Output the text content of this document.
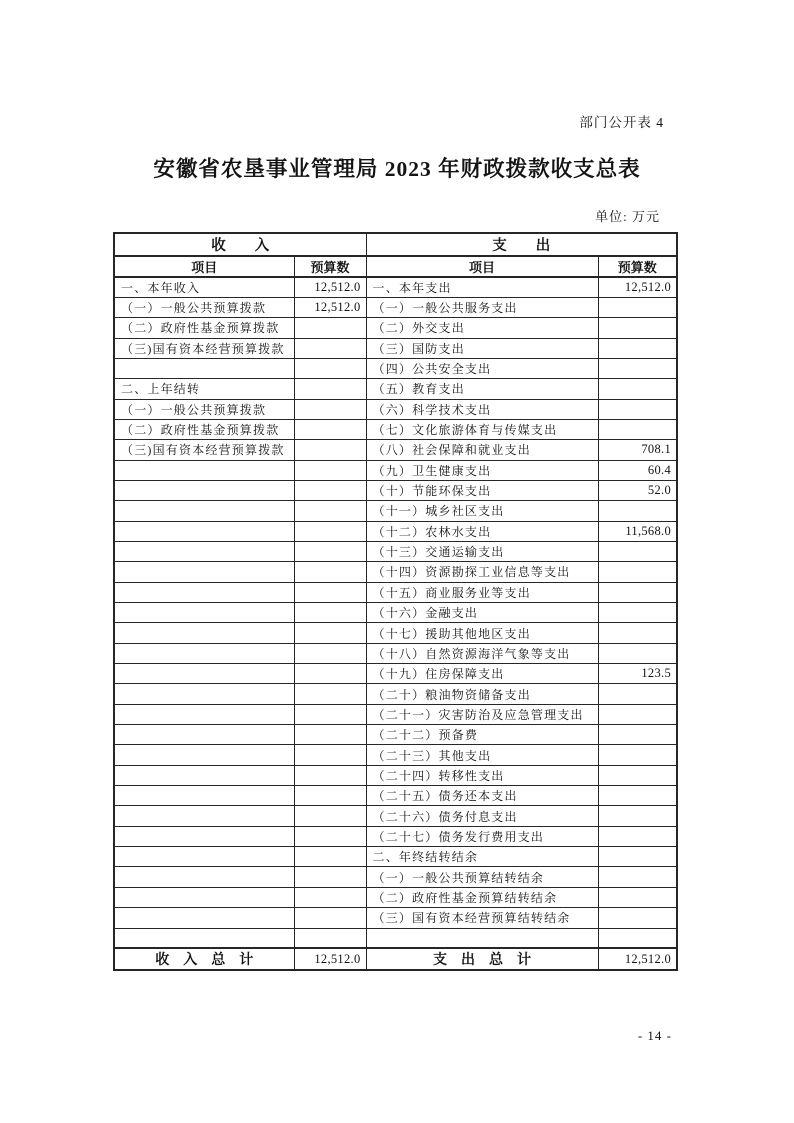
部门公开表 4
安徽省农垦事业管理局 2023 年财政拨款收支总表
单位: 万元
收　　入		支　　出	
项目	预算数	项目	预算数
一、本年收入	12,512.0	一、本年支出	12,512.0
（一）一般公共预算拨款	12,512.0	（一）一般公共服务支出	
（二）政府性基金预算拨款		（二）外交支出	
（三)国有资本经营预算拨款		（三）国防支出	
		（四）公共安全支出	
二、上年结转		（五）教育支出	
（一）一般公共预算拨款		（六）科学技术支出	
（二）政府性基金预算拨款		（七）文化旅游体育与传媒支出	
（三)国有资本经营预算拨款		（八）社会保障和就业支出	708.1
		（九）卫生健康支出	60.4
		（十）节能环保支出	52.0
		（十一）城乡社区支出	
		（十二）农林水支出	11,568.0
		（十三）交通运输支出	
		（十四）资源勘探工业信息等支出	
		（十五）商业服务业等支出	
		（十六）金融支出	
		（十七）援助其他地区支出	
		（十八）自然资源海洋气象等支出	
		（十九）住房保障支出	123.5
		（二十）粮油物资储备支出	
		（二十一）灾害防治及应急管理支出	
		（二十二）预备费	
		（二十三）其他支出	
		（二十四）转移性支出	
		（二十五）债务还本支出	
		（二十六）债务付息支出	
		（二十七）债务发行费用支出	
		二、年终结转结余	
		（一）一般公共预算结转结余	
		（二）政府性基金预算结转结余	
		（三）国有资本经营预算结转结余	

收　入　总　计	12,512.0	支　出　总　计	12,512.0
- 14 -
